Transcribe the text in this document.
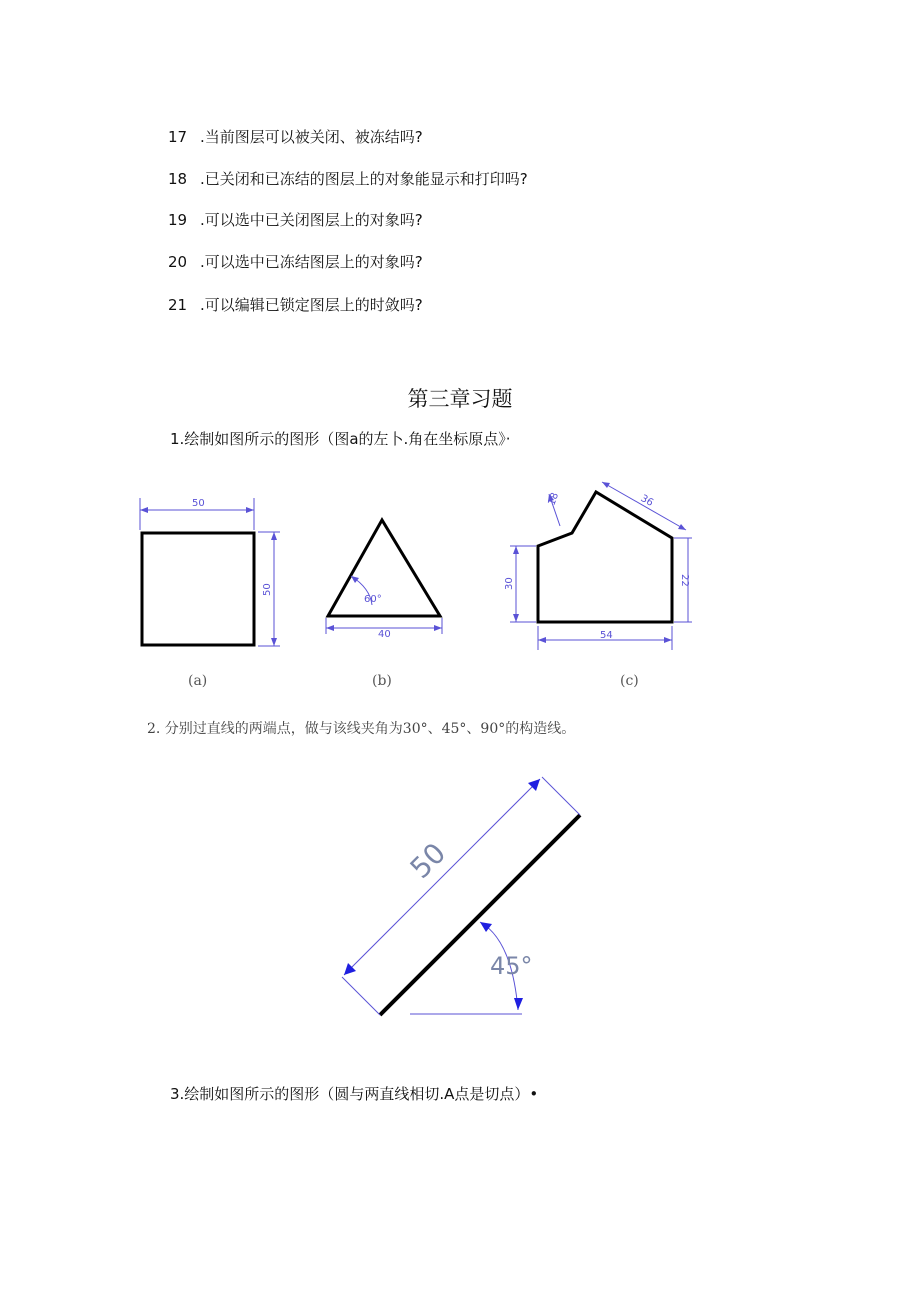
17 .当前图层可以被关闭、被冻结吗?
18 .已关闭和已冻结的图层上的对象能显示和打印吗?
19 .可以选中已关闭图层上的对象吗?
20 .可以选中已冻结图层上的对象吗?
21 .可以编辑已锁定图层上的时敛吗?
第三章习题
1.绘制如图所示的图形（图a的左卜.角在坐标原点》·
50
50
(a)
60°
40
(b)
54
30	22
18	36
(c)
2. 分别过直线的两端点，做与该线夹角为30°、45°、90°的构造线。
50
45°
3.绘制如图所示的图形（圆与两直线相切.A点是切点）•
